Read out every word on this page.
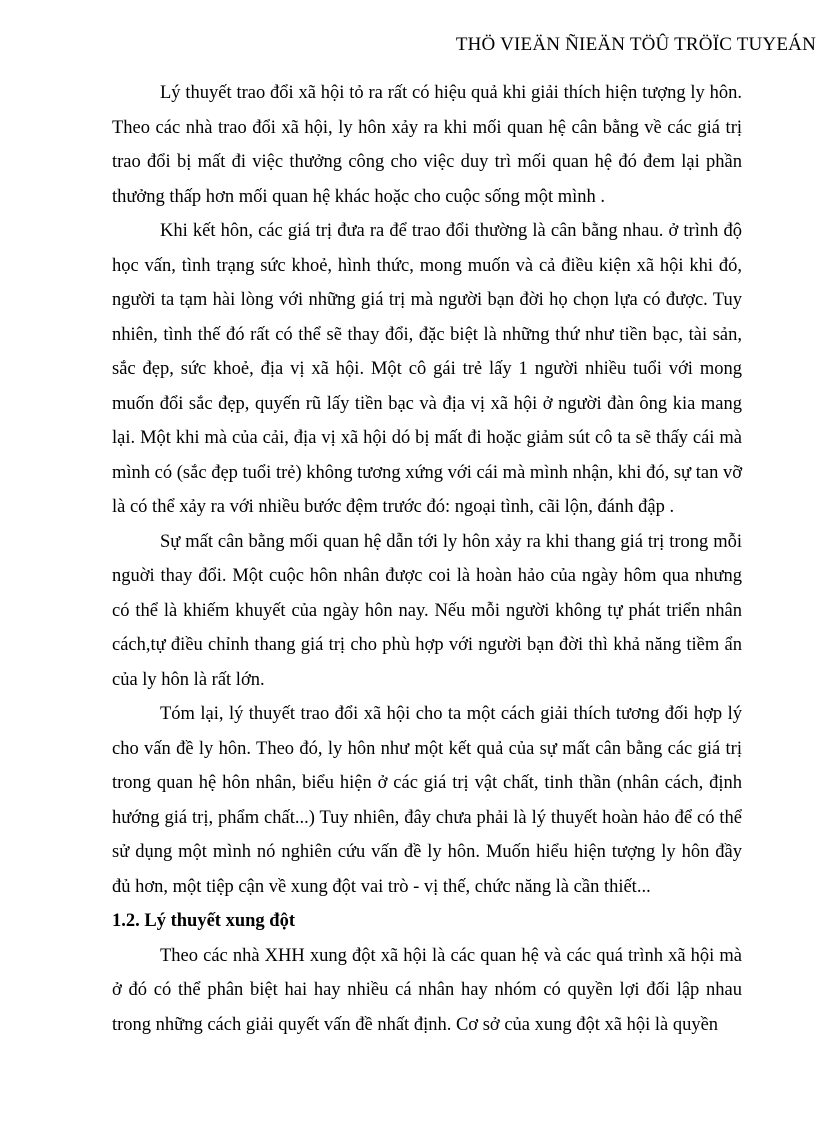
THÖ VIEÄN ÑIEÄN TÖÛ TRÖÏC TUYEÁN

Lý thuyết trao đổi xã hội tỏ ra rất có hiệu quả khi giải thích hiện tượng ly hôn. Theo các nhà trao đổi xã hội, ly hôn xảy ra khi mối quan hệ cân bằng về các giá trị trao đổi bị mất đi việc thưởng công cho việc duy trì mối quan hệ đó đem lại phần thưởng thấp hơn mối quan hệ khác hoặc cho cuộc sống một mình .

Khi kết hôn, các giá trị đưa ra để trao đổi thường là cân bằng nhau. ở trình độ học vấn, tình trạng sức khoẻ, hình thức, mong muốn và cả điều kiện xã hội khi đó, người ta tạm hài lòng với những giá trị mà người bạn đời họ chọn lựa có được. Tuy nhiên, tình thế đó rất có thể sẽ thay đổi, đặc biệt là những thứ như tiền bạc, tài sản, sắc đẹp, sức khoẻ, địa vị xã hội. Một cô gái trẻ lấy 1 người nhiều tuổi với mong muốn đổi sắc đẹp, quyến rũ lấy tiền bạc và địa vị xã hội ở người đàn ông kia mang lại. Một khi mà của cải, địa vị xã hội dó bị mất đi hoặc giảm sút cô ta sẽ thấy cái mà mình có (sắc đẹp tuổi trẻ) không tương xứng với cái mà mình nhận, khi đó, sự tan vỡ là có thể xảy ra với nhiều bước đệm trước đó: ngoại tình, cãi lộn, đánh đập .

Sự mất cân bằng mối quan hệ dẫn tới ly hôn xảy ra khi thang giá trị trong mỗi nguời thay đổi. Một cuộc hôn nhân được coi là hoàn hảo của ngày hôm qua nhưng có thể là khiếm khuyết của ngày hôn nay. Nếu mỗi người không tự phát triển nhân cách,tự điều chỉnh thang giá trị cho phù hợp với người bạn đời thì khả năng tiềm ẩn của ly hôn là rất lớn.

Tóm lại, lý thuyết trao đổi xã hội cho ta một cách giải thích tương đối hợp lý cho vấn đề ly hôn. Theo đó, ly hôn như một kết quả của sự mất cân bằng các giá trị trong quan hệ hôn nhân, biểu hiện ở các giá trị vật chất, tinh thần (nhân cách, định hướng giá trị, phẩm chất...) Tuy nhiên, đây chưa phải là lý thuyết hoàn hảo để có thể sử dụng một mình nó nghiên cứu vấn đề ly hôn. Muốn hiểu hiện tượng ly hôn đầy đủ hơn, một tiệp cận về xung đột vai trò - vị thế, chức năng là cần thiết...

1.2. Lý thuyết xung đột

Theo các nhà XHH xung đột xã hội là các quan hệ và các quá trình xã hội mà ở đó có thể phân biệt hai hay nhiều cá nhân hay nhóm có quyền lợi đối lập nhau trong những cách giải quyết vấn đề nhất định. Cơ sở của xung đột xã hội là quyền
